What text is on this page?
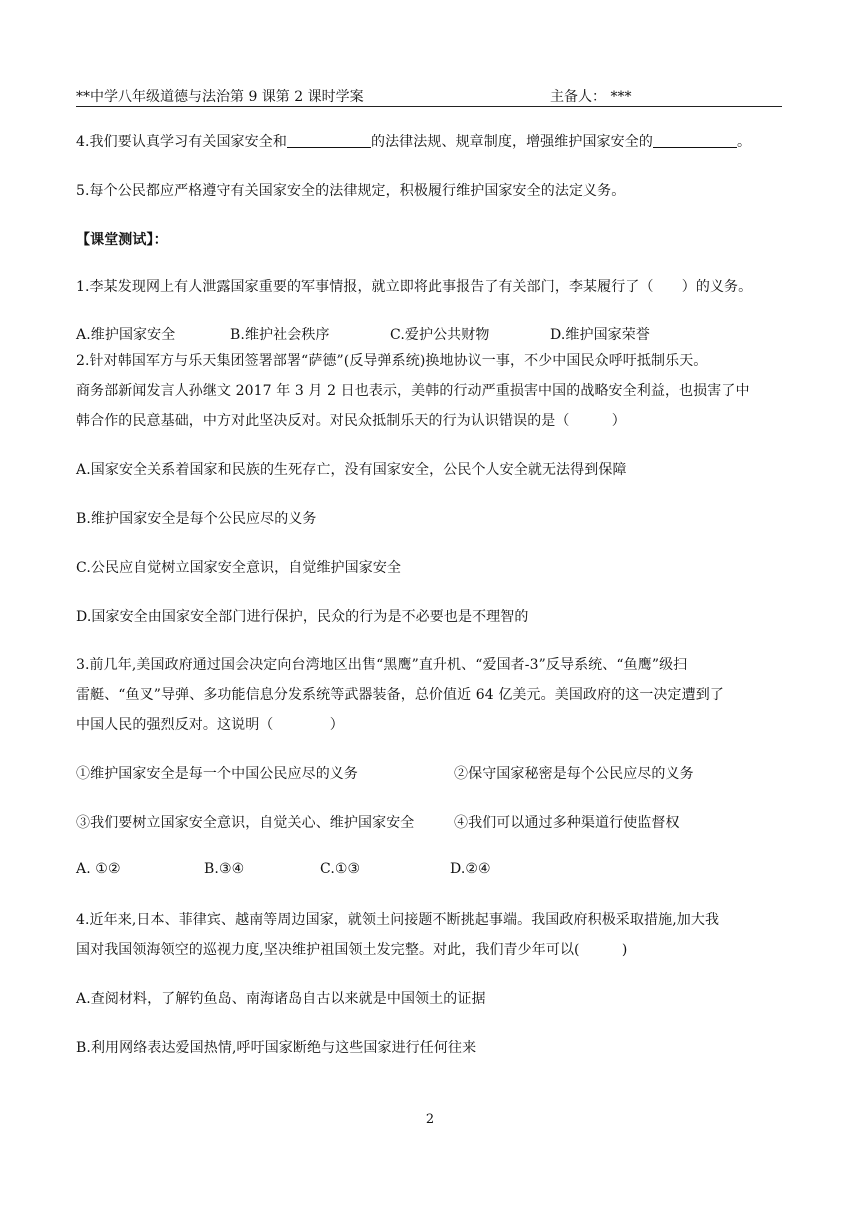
**中学八年级道德与法治第 9 课第 2 课时学案	主备人： ***
4.我们要认真学习有关国家安全和	的法律法规、规章制度，增强维护国家安全的	。
5.每个公民都应严格遵守有关国家安全的法律规定，积极履行维护国家安全的法定义务。
【课堂测试】：
1.李某发现网上有人泄露国家重要的军事情报，就立即将此事报告了有关部门，李某履行了（　　）的义务。
A.维护国家安全	B.维护社会秩序	C.爱护公共财物	D.维护国家荣誉
2.针对韩国军方与乐天集团签署部署“萨德”(反导弹系统)换地协议一事，不少中国民众呼吁抵制乐天。
商务部新闻发言人孙继文 2017 年 3 月 2 日也表示，美韩的行动严重损害中国的战略安全利益，也损害了中
韩合作的民意基础，中方对此坚决反对。对民众抵制乐天的行为认识错误的是（　　　）
A.国家安全关系着国家和民族的生死存亡，没有国家安全，公民个人安全就无法得到保障
B.维护国家安全是每个公民应尽的义务
C.公民应自觉树立国家安全意识，自觉维护国家安全
D.国家安全由国家安全部门进行保护，民众的行为是不必要也是不理智的
3.前几年,美国政府通过国会决定向台湾地区出售“黑鹰”直升机、“爱国者-3”反导系统、“鱼鹰”级扫
雷艇、“鱼叉”导弹、多功能信息分发系统等武器装备，总价值近 64 亿美元。美国政府的这一决定遭到了
中国人民的强烈反对。这说明（　　　　）
①维护国家安全是每一个中国公民应尽的义务	②保守国家秘密是每个公民应尽的义务
③我们要树立国家安全意识，自觉关心、维护国家安全	④我们可以通过多种渠道行使监督权
A. ①②	B.③④	C.①③	D.②④
4.近年来,日本、菲律宾、越南等周边国家，就领土问接题不断挑起事端。我国政府积极采取措施,加大我
国对我国领海领空的巡视力度,坚决维护祖国领土发完整。对此，我们青少年可以(　　　)
A.查阅材料，了解钓鱼岛、南海诸岛自古以来就是中国领土的证据
B.利用网络表达爱国热情,呼吁国家断绝与这些国家进行任何往来
2
